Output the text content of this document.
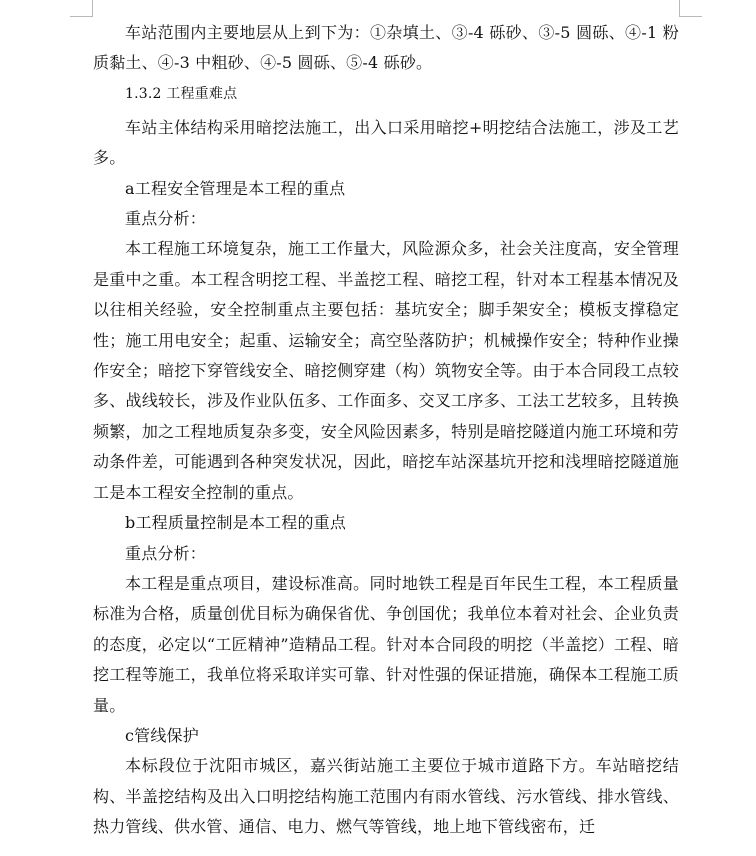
车站范围内主要地层从上到下为：①杂填土、③-4 砾砂、③-5 圆砾、④-1 粉质黏土、④-3 中粗砂、④-5 圆砾、⑤-4 砾砂。

1.3.2 工程重难点

车站主体结构采用暗挖法施工，出入口采用暗挖+明挖结合法施工，涉及工艺多。

a工程安全管理是本工程的重点

重点分析：

本工程施工环境复杂，施工工作量大，风险源众多，社会关注度高，安全管理是重中之重。本工程含明挖工程、半盖挖工程、暗挖工程，针对本工程基本情况及以往相关经验，安全控制重点主要包括：基坑安全；脚手架安全；模板支撑稳定性；施工用电安全；起重、运输安全；高空坠落防护；机械操作安全；特种作业操作安全；暗挖下穿管线安全、暗挖侧穿建（构）筑物安全等。由于本合同段工点较多、战线较长，涉及作业队伍多、工作面多、交叉工序多、工法工艺较多，且转换频繁，加之工程地质复杂多变，安全风险因素多，特别是暗挖隧道内施工环境和劳动条件差，可能遇到各种突发状况，因此，暗挖车站深基坑开挖和浅埋暗挖隧道施工是本工程安全控制的重点。

b工程质量控制是本工程的重点

重点分析：

本工程是重点项目，建设标准高。同时地铁工程是百年民生工程，本工程质量标准为合格，质量创优目标为确保省优、争创国优；我单位本着对社会、企业负责的态度，必定以“工匠精神”造精品工程。针对本合同段的明挖（半盖挖）工程、暗挖工程等施工，我单位将采取详实可靠、针对性强的保证措施，确保本工程施工质量。

c管线保护

本标段位于沈阳市城区，嘉兴街站施工主要位于城市道路下方。车站暗挖结构、半盖挖结构及出入口明挖结构施工范围内有雨水管线、污水管线、排水管线、热力管线、供水管、通信、电力、燃气等管线，地上地下管线密布，迁
